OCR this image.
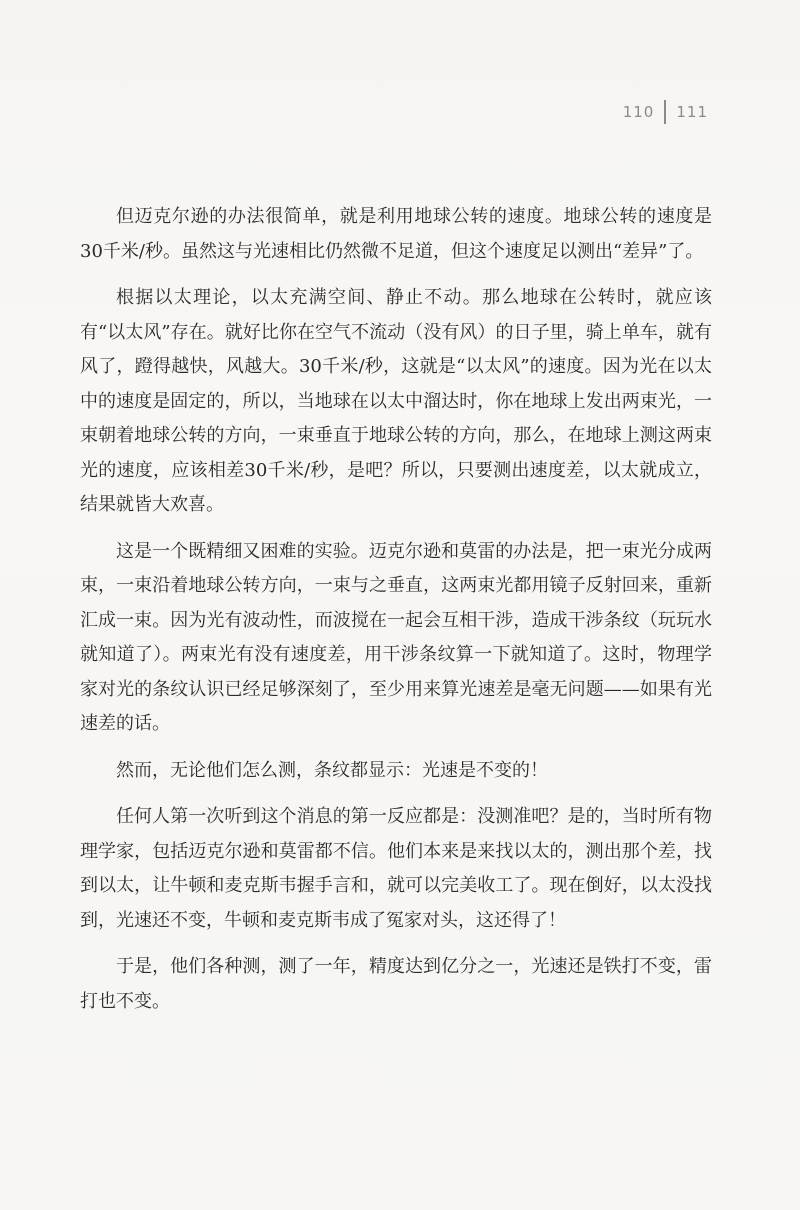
110 111

但迈克尔逊的办法很简单，就是利用地球公转的速度。地球公转的速度是30千米/秒。虽然这与光速相比仍然微不足道，但这个速度足以测出“差异”了。

根据以太理论，以太充满空间、静止不动。那么地球在公转时，就应该有“以太风”存在。就好比你在空气不流动（没有风）的日子里，骑上单车，就有风了，蹬得越快，风越大。30千米/秒，这就是“以太风”的速度。因为光在以太中的速度是固定的，所以，当地球在以太中溜达时，你在地球上发出两束光，一束朝着地球公转的方向，一束垂直于地球公转的方向，那么，在地球上测这两束光的速度，应该相差30千米/秒，是吧？所以，只要测出速度差，以太就成立，结果就皆大欢喜。

这是一个既精细又困难的实验。迈克尔逊和莫雷的办法是，把一束光分成两束，一束沿着地球公转方向，一束与之垂直，这两束光都用镜子反射回来，重新汇成一束。因为光有波动性，而波搅在一起会互相干涉，造成干涉条纹（玩玩水就知道了）。两束光有没有速度差，用干涉条纹算一下就知道了。这时，物理学家对光的条纹认识已经足够深刻了，至少用来算光速差是毫无问题——如果有光速差的话。

然而，无论他们怎么测，条纹都显示：光速是不变的！

任何人第一次听到这个消息的第一反应都是：没测准吧？是的，当时所有物理学家，包括迈克尔逊和莫雷都不信。他们本来是来找以太的，测出那个差，找到以太，让牛顿和麦克斯韦握手言和，就可以完美收工了。现在倒好，以太没找到，光速还不变，牛顿和麦克斯韦成了冤家对头，这还得了！

于是，他们各种测，测了一年，精度达到亿分之一，光速还是铁打不变，雷打也不变。
